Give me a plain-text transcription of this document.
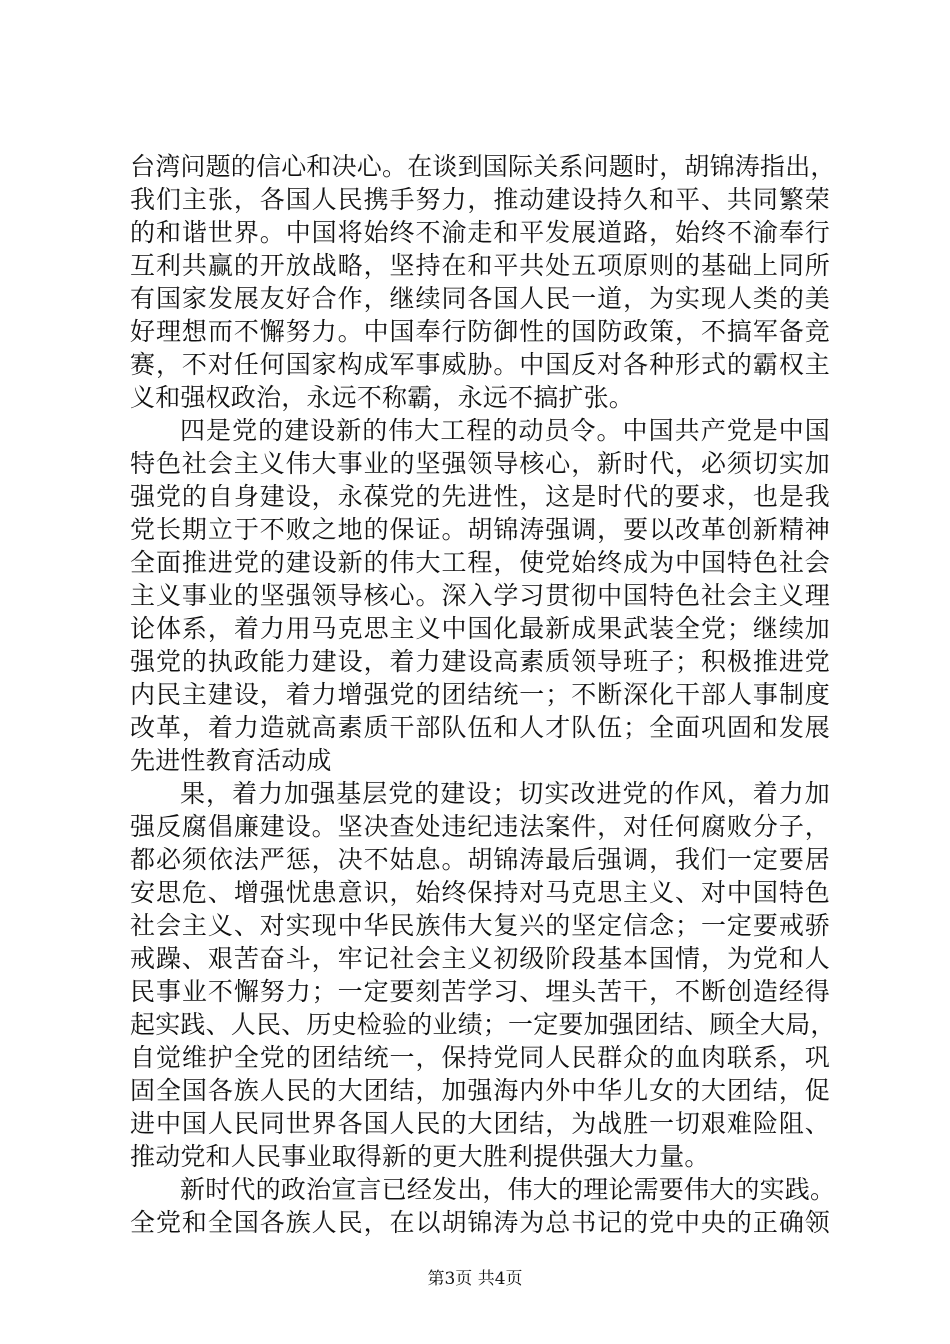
台湾问题的信心和决心。在谈到国际关系问题时，胡锦涛指出，
我们主张，各国人民携手努力，推动建设持久和平、共同繁荣
的和谐世界。中国将始终不渝走和平发展道路，始终不渝奉行
互利共赢的开放战略，坚持在和平共处五项原则的基础上同所
有国家发展友好合作，继续同各国人民一道，为实现人类的美
好理想而不懈努力。中国奉行防御性的国防政策，不搞军备竞
赛，不对任何国家构成军事威胁。中国反对各种形式的霸权主
义和强权政治，永远不称霸，永远不搞扩张。
四是党的建设新的伟大工程的动员令。中国共产党是中国
特色社会主义伟大事业的坚强领导核心，新时代，必须切实加
强党的自身建设，永葆党的先进性，这是时代的要求，也是我
党长期立于不败之地的保证。胡锦涛强调，要以改革创新精神
全面推进党的建设新的伟大工程，使党始终成为中国特色社会
主义事业的坚强领导核心。深入学习贯彻中国特色社会主义理
论体系，着力用马克思主义中国化最新成果武装全党；继续加
强党的执政能力建设，着力建设高素质领导班子；积极推进党
内民主建设，着力增强党的团结统一；不断深化干部人事制度
改革，着力造就高素质干部队伍和人才队伍；全面巩固和发展
先进性教育活动成
果，着力加强基层党的建设；切实改进党的作风，着力加
强反腐倡廉建设。坚决查处违纪违法案件，对任何腐败分子，
都必须依法严惩，决不姑息。胡锦涛最后强调，我们一定要居
安思危、增强忧患意识，始终保持对马克思主义、对中国特色
社会主义、对实现中华民族伟大复兴的坚定信念；一定要戒骄
戒躁、艰苦奋斗，牢记社会主义初级阶段基本国情，为党和人
民事业不懈努力；一定要刻苦学习、埋头苦干，不断创造经得
起实践、人民、历史检验的业绩；一定要加强团结、顾全大局，
自觉维护全党的团结统一，保持党同人民群众的血肉联系，巩
固全国各族人民的大团结，加强海内外中华儿女的大团结，促
进中国人民同世界各国人民的大团结，为战胜一切艰难险阻、
推动党和人民事业取得新的更大胜利提供强大力量。
新时代的政治宣言已经发出，伟大的理论需要伟大的实践。
全党和全国各族人民，在以胡锦涛为总书记的党中央的正确领
第3页 共4页
